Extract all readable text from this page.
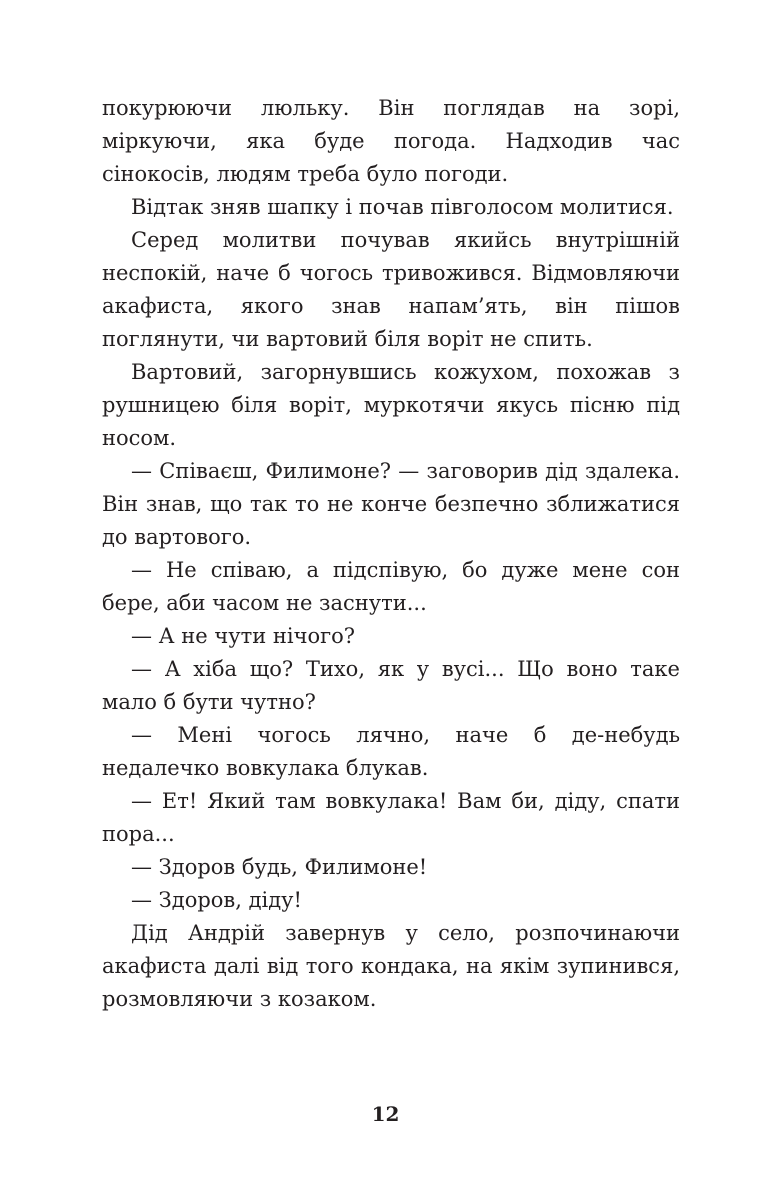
покурюючи люльку. Він поглядав на зорі, міркуючи, яка буде погода. Надходив час сінокосів, людям треба було погоди.

Відтак зняв шапку і почав півголосом молитися.

Серед молитви почував якийсь внутрішній неспокій, наче б чогось тривожився. Відмовляючи акафиста, якого знав напам’ять, він пішов поглянути, чи вартовий біля воріт не спить.

Вартовий, загорнувшись кожухом, похожав з рушницею біля воріт, муркотячи якусь пісню під носом.

— Співаєш, Филимоне? — заговорив дід здалека. Він знав, що так то не конче безпечно зближатися до вартового.

— Не співаю, а підспівую, бо дуже мене сон бере, аби часом не заснути...

— А не чути нічого?

— А хіба що? Тихо, як у вусі... Що воно таке мало б бути чутно?

— Мені чогось лячно, наче б де-небудь недалечко вовкулака блукав.

— Ет! Який там вовкулака! Вам би, діду, спати пора...

— Здоров будь, Филимоне!

— Здоров, діду!

Дід Андрій завернув у село, розпочинаючи акафиста далі від того кондака, на якім зупинився, розмовляючи з козаком.

12
